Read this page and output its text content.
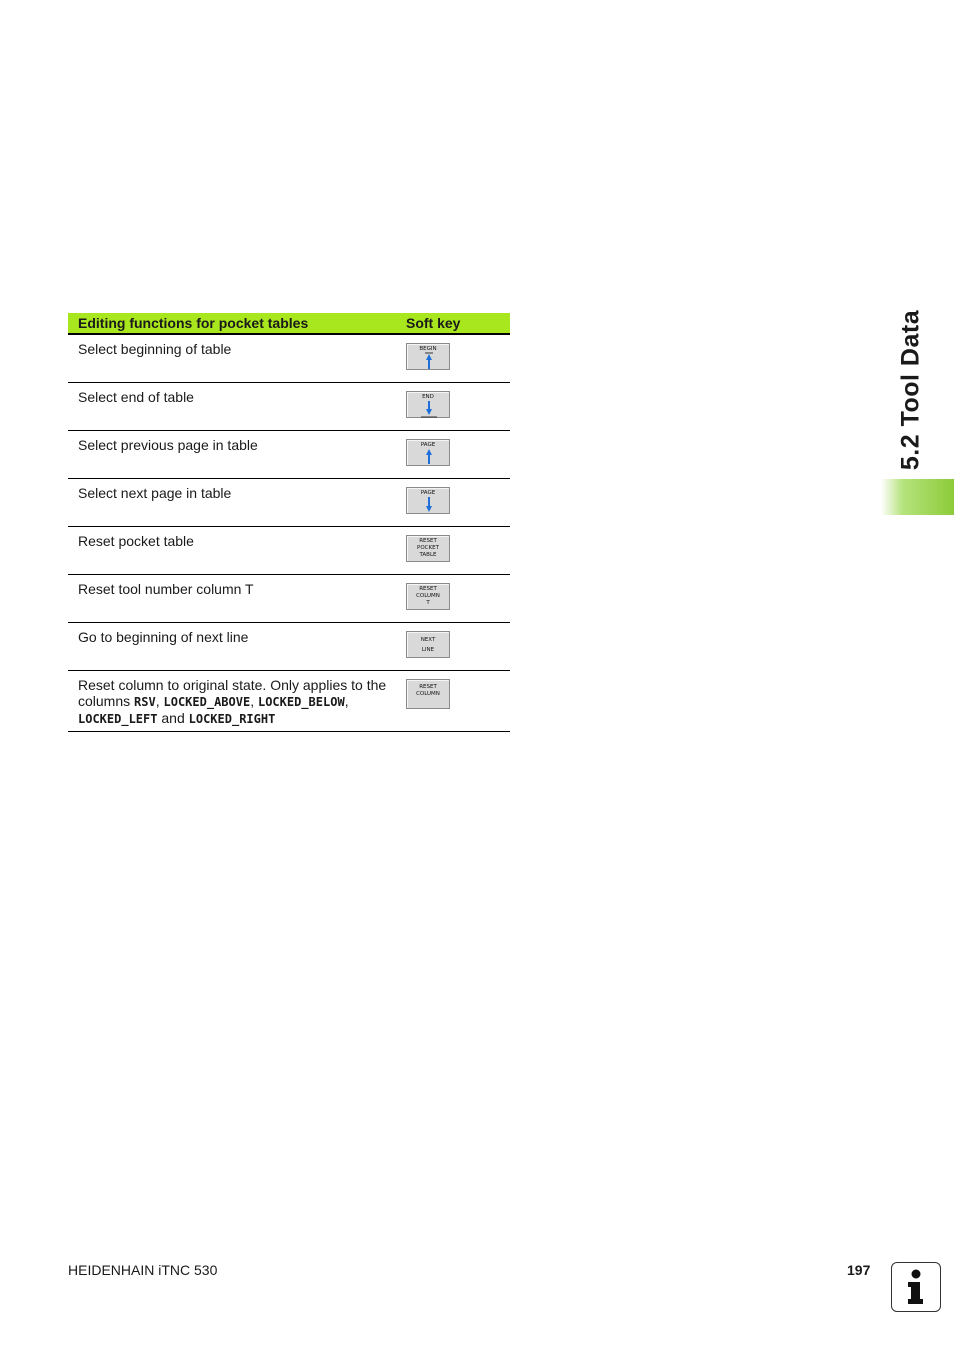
5.2 Tool Data
Editing functions for pocket tables	Soft key
Select beginning of table	BEGIN

Select end of table	END

Select previous page in table	PAGE

Select next page in table	PAGE

Reset pocket table	RESET
POCKET
TABLE

Reset tool number column T	RESET
COLUMN
T

Go to beginning of next line	NEXT
LINE

Reset column to original state. Only applies to the columns RSV, LOCKED_ABOVE, LOCKED_BELOW,
LOCKED_LEFT and LOCKED_RIGHT	RESET
COLUMN
HEIDENHAIN iTNC 530	197
